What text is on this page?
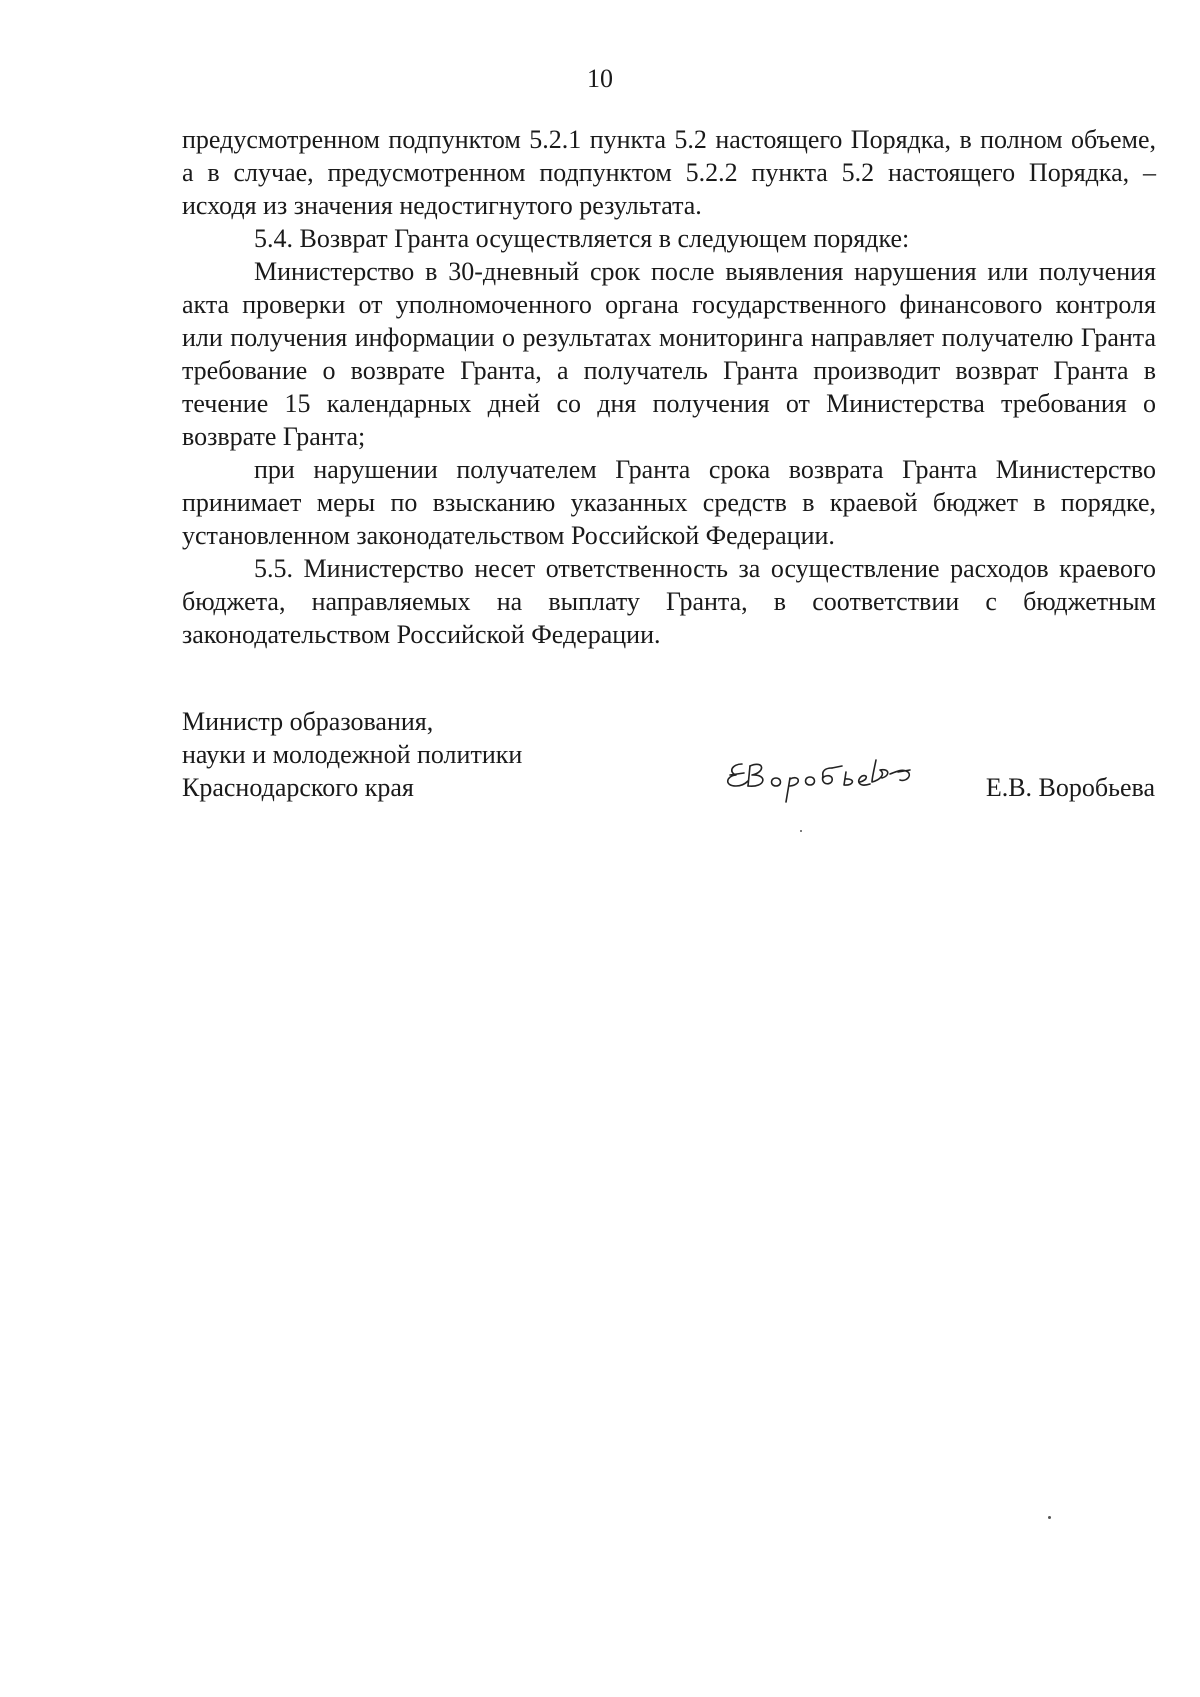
10

предусмотренном подпунктом 5.2.1 пункта 5.2 настоящего Порядка, в полном объеме, а в случае, предусмотренном подпунктом 5.2.2 пункта 5.2 настоящего Порядка, – исходя из значения недостигнутого результата.

5.4. Возврат Гранта осуществляется в следующем порядке:

Министерство в 30-дневный срок после выявления нарушения или получения акта проверки от уполномоченного органа государственного финансового контроля или получения информации о результатах мониторинга направляет получателю Гранта требование о возврате Гранта, а получатель Гранта производит возврат Гранта в течение 15 календарных дней со дня получения от Министерства требования о возврате Гранта;

при нарушении получателем Гранта срока возврата Гранта Министерство принимает меры по взысканию указанных средств в краевой бюджет в порядке, установленном законодательством Российской Федерации.

5.5. Министерство несет ответственность за осуществление расходов краевого бюджета, направляемых на выплату Гранта, в соответствии с бюджетным законодательством Российской Федерации.

Министр образования,
науки и молодежной политики
Краснодарского края	Е.В. Воробьева
